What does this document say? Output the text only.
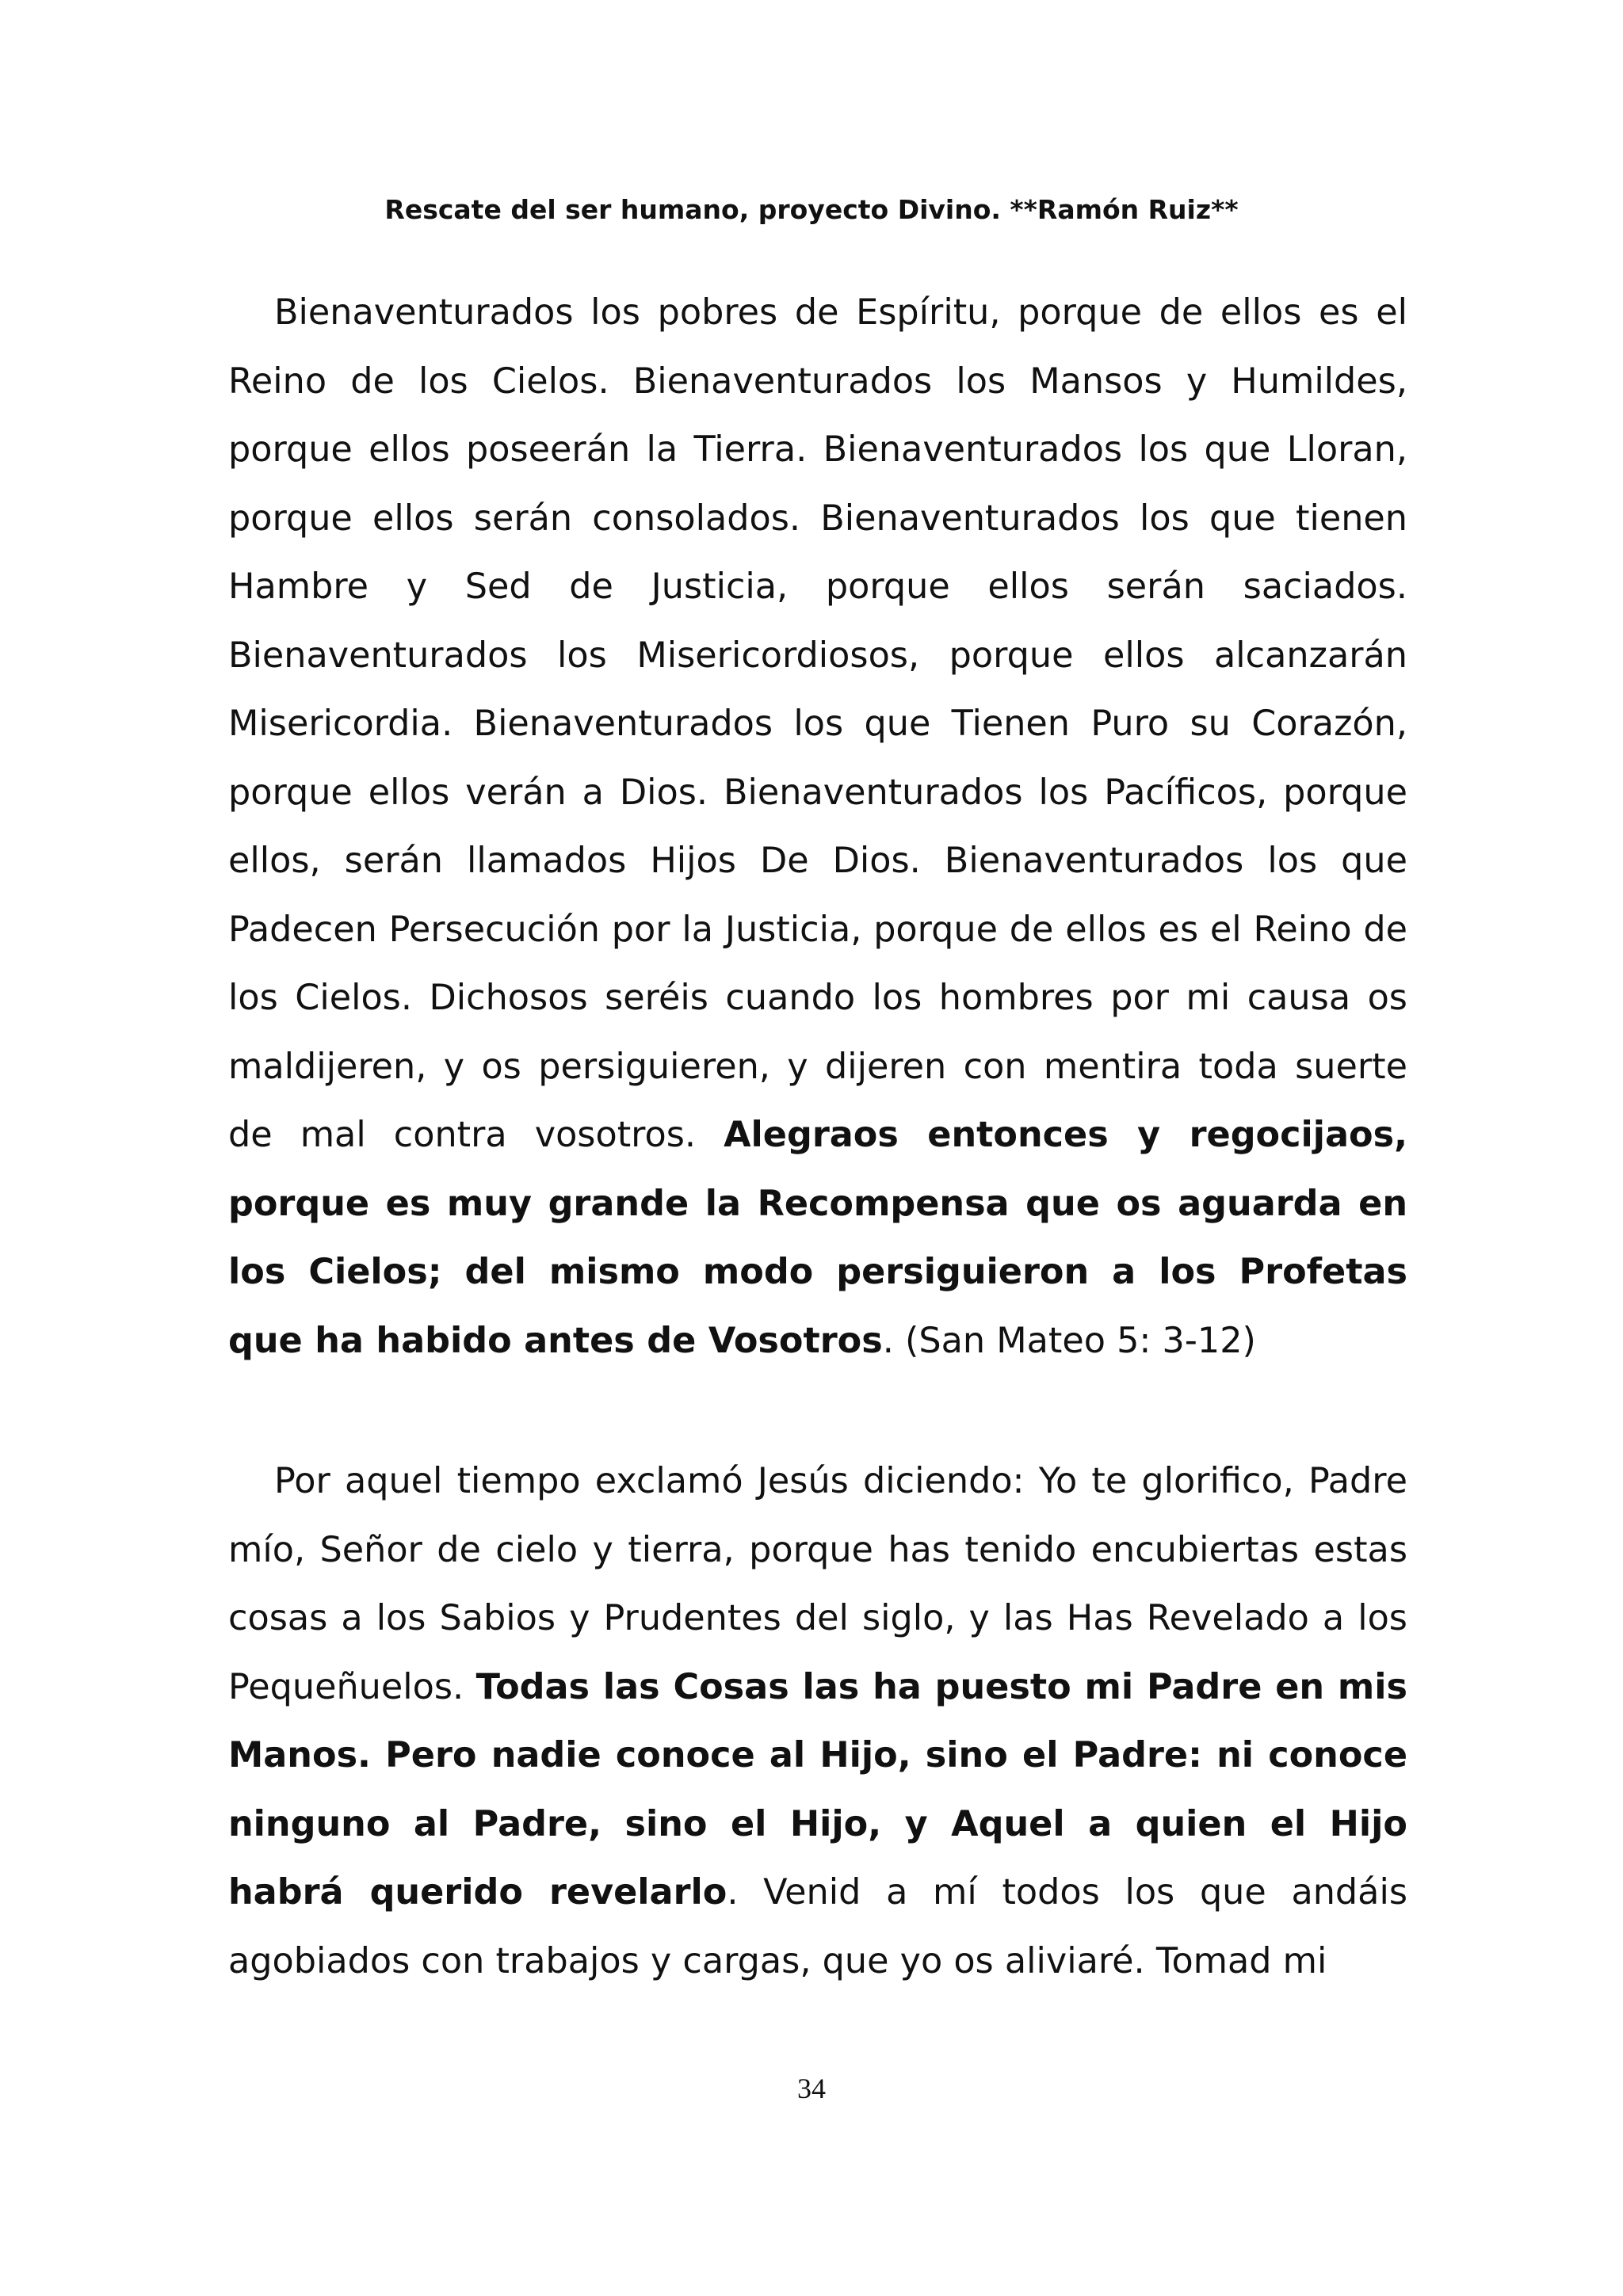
Rescate del ser humano, proyecto Divino. **Ramón Ruiz**

Bienaventurados los pobres de Espíritu, porque de ellos es el Reino de los Cielos. Bienaventurados los Mansos y Humildes, porque ellos poseerán la Tierra. Bienaventurados los que Lloran, porque ellos serán consolados. Bienaventurados los que tienen Hambre y Sed de Justicia, porque ellos serán saciados. Bienaventurados los Misericordiosos, porque ellos alcanzarán Misericordia. Bienaventurados los que Tienen Puro su Corazón, porque ellos verán a Dios. Bienaventurados los Pacíficos, porque ellos, serán llamados Hijos De Dios. Bienaventurados los que Padecen Persecución por la Justicia, porque de ellos es el Reino de los Cielos. Dichosos seréis cuando los hombres por mi causa os maldijeren, y os persiguieren, y dijeren con mentira toda suerte de mal contra vosotros. Alegraos entonces y regocijaos, porque es muy grande la Recompensa que os aguarda en los Cielos; del mismo modo persiguieron a los Profetas que ha habido antes de Vosotros. (San Mateo 5: 3-12)

Por aquel tiempo exclamó Jesús diciendo: Yo te glorifico, Padre mío, Señor de cielo y tierra, porque has tenido encubiertas estas cosas a los Sabios y Prudentes del siglo, y las Has Revelado a los Pequeñuelos. Todas las Cosas las ha puesto mi Padre en mis Manos. Pero nadie conoce al Hijo, sino el Padre: ni conoce ninguno al Padre, sino el Hijo, y Aquel a quien el Hijo habrá querido revelarlo. Venid a mí todos los que andáis agobiados con trabajos y cargas, que yo os aliviaré. Tomad mi

34
